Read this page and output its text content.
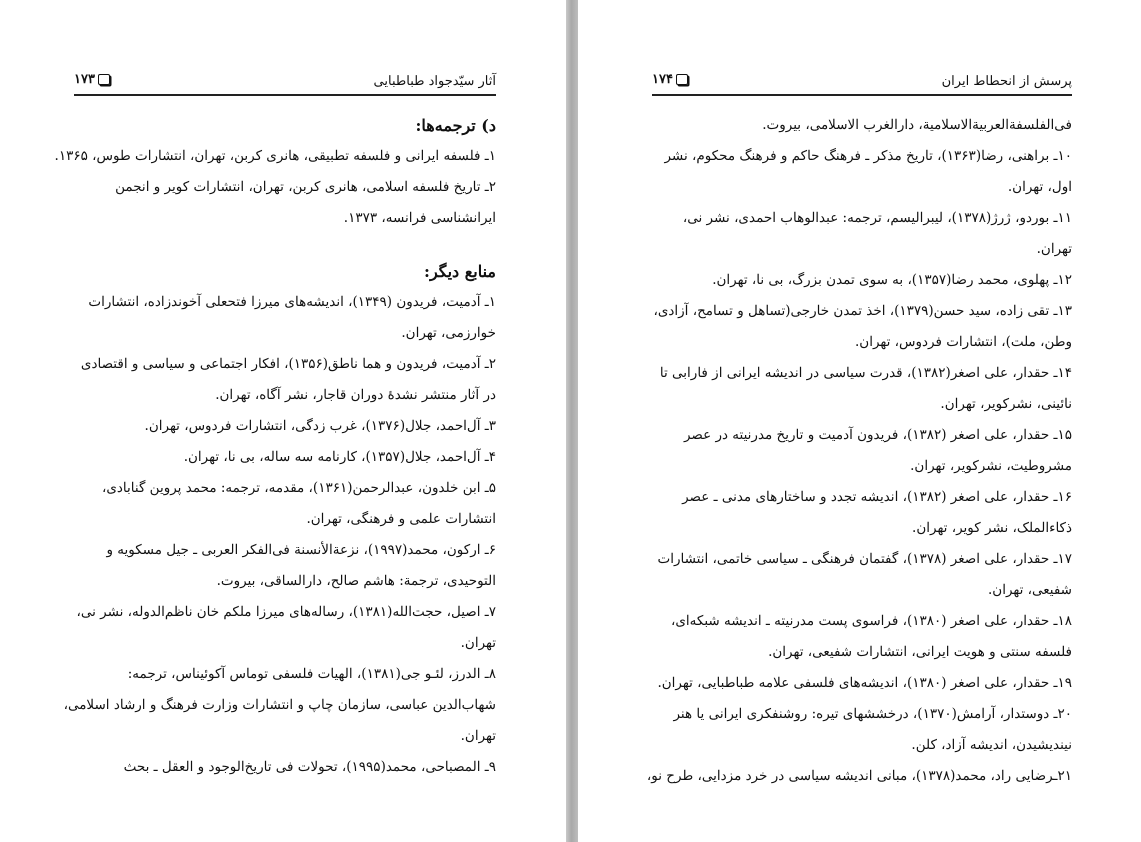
۱۷۳	آثار سیّدجواد طباطبایی
د) ترجمه‌ها:
۱ـ فلسفه ایرانی و فلسفه تطبیقی، هانری کربن، تهران، انتشارات طوس، ۱۳۶۵.
۲ـ تاریخ فلسفه اسلامی، هانری کربن، تهران، انتشارات کویر و انجمن
ایرانشناسی فرانسه، ۱۳۷۳.
منابع دیگر:
۱ـ آدمیت، فریدون (۱۳۴۹)، اندیشه‌های میرزا فتحعلی آخوندزاده، انتشارات
خوارزمی، تهران.
۲ـ آدمیت، فریدون و هما ناطق(۱۳۵۶)، افکار اجتماعی و سیاسی و اقتصادی
در آثار منتشر نشدهٔ دوران قاجار، نشر آگاه، تهران.
۳ـ آل‌احمد، جلال(۱۳۷۶)، غرب زدگی، انتشارات فردوس، تهران.
۴ـ آل‌احمد، جلال(۱۳۵۷)، کارنامه سه ساله، بی نا، تهران.
۵ـ ابن خلدون، عبدالرحمن(۱۳۶۱)، مقدمه، ترجمه: محمد پروین گنابادی،
انتشارات علمی و فرهنگی، تهران.
۶ـ ارکون، محمد(۱۹۹۷)، نزعة‌الأنسنة فی‌الفکر العربی ـ جیل مسکویه و
التوحیدی، ترجمة: هاشم صالح، دارالساقی، بیروت.
۷ـ اصیل، حجت‌الله(۱۳۸۱)، رساله‌های میرزا ملکم خان ناظم‌الدوله، نشر نی،
تهران.
۸ـ الدرز، لئـو جی(۱۳۸۱)، الهیات فلسفی توماس آکوئیناس، ترجمه:
شهاب‌الدین عباسی، سازمان چاپ و انتشارات وزارت فرهنگ و ارشاد اسلامی،
تهران.
۹ـ المصباحی، محمد(۱۹۹۵)، تحولات فی تاریخ‌الوجود و العقل ـ بحث
۱۷۴	پرسش از انحطاط ایران
فی‌الفلسفة‌العربیة‌الاسلامیة، دارالغرب الاسلامی، بیروت.
۱۰ـ براهنی، رضا(۱۳۶۳)، تاریخ مذکر ـ فرهنگ حاکم و فرهنگ محکوم، نشر
اول، تهران.
۱۱ـ بوردو، ژرژ(۱۳۷۸)، لیبرالیسم، ترجمه: عبدالوهاب احمدی، نشر نی،
تهران.
۱۲ـ پهلوی، محمد رضا(۱۳۵۷)، به سوی تمدن بزرگ، بی نا، تهران.
۱۳ـ تقی زاده، سید حسن(۱۳۷۹)، اخذ تمدن خارجی(تساهل و تسامح، آزادی،
وطن، ملت)، انتشارات فردوس، تهران.
۱۴ـ حقدار، علی اصغر(۱۳۸۲)، قدرت سیاسی در اندیشه ایرانی از فارابی تا
نائینی، نشرکویر، تهران.
۱۵ـ حقدار، علی اصغر (۱۳۸۲)، فریدون آدمیت و تاریخ مدرنیته در عصر
مشروطیت، نشرکویر، تهران.
۱۶ـ حقدار، علی اصغر (۱۳۸۲)، اندیشه تجدد و ساختارهای مدنی ـ عصر
ذکاءالملک، نشر کویر، تهران.
۱۷ـ حقدار، علی اصغر (۱۳۷۸)، گفتمان فرهنگی ـ سیاسی خاتمی، انتشارات
شفیعی، تهران.
۱۸ـ حقدار، علی اصغر (۱۳۸۰)، فراسوی پست مدرنیته ـ اندیشه شبکه‌ای،
فلسفه سنتی و هویت ایرانی، انتشارات شفیعی، تهران.
۱۹ـ حقدار، علی اصغر (۱۳۸۰)، اندیشه‌های فلسفی علامه طباطبایی، تهران.
۲۰ـ دوستدار، آرامش(۱۳۷۰)، درخششهای تیره: روشنفکری ایرانی یا هنر
نیندیشیدن، اندیشه آزاد، کلن.
۲۱ـرضایی راد، محمد(۱۳۷۸)، مبانی اندیشه سیاسی در خرد مزدایی، طرح نو،
